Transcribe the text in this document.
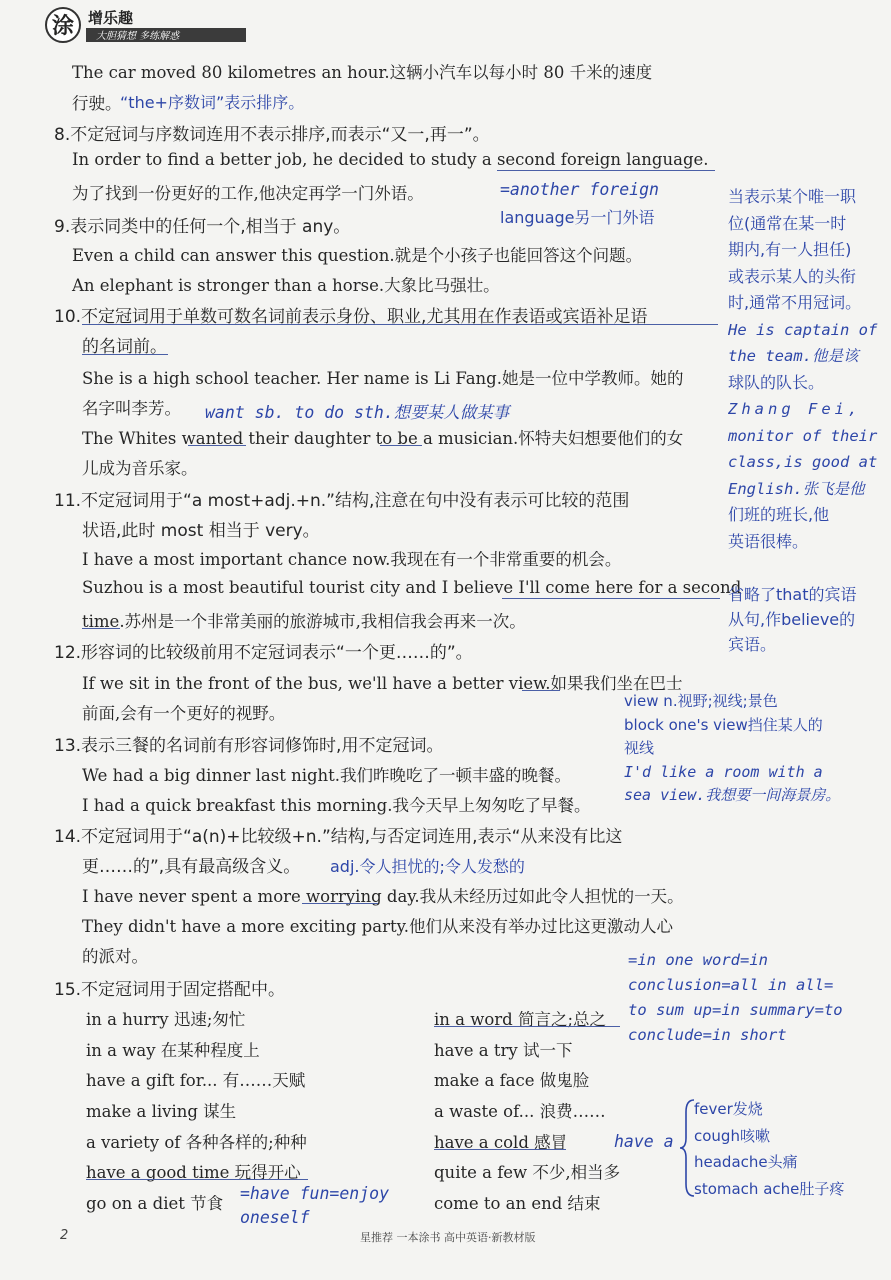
涂 增乐趣
大胆猜想 多练解惑
The car moved 80 kilometres an hour.这辆小汽车以每小时 80 千米的速度
行驶。
“the+序数词”表示排序。
8.不定冠词与序数词连用不表示排序,而表示“又一,再一”。
In order to find a better job, he decided to study a second foreign language.
为了找到一份更好的工作,他决定再学一门外语。	=another foreign
language另一门外语
9.表示同类中的任何一个,相当于 any。
Even a child can answer this question.就是个小孩子也能回答这个问题。
An elephant is stronger than a horse.大象比马强壮。
10.不定冠词用于单数可数名词前表示身份、职业,尤其用在作表语或宾语补足语
的名词前。
She is a high school teacher. Her name is Li Fang.她是一位中学教师。她的
名字叫李芳。 want sb. to do sth.想要某人做某事
The Whites wanted their daughter to be a musician.怀特夫妇想要他们的女
儿成为音乐家。
11.不定冠词用于“a most+adj.+n.”结构,注意在句中没有表示可比较的范围
状语,此时 most 相当于 very。
I have a most important chance now.我现在有一个非常重要的机会。
Suzhou is a most beautiful tourist city and I believe I'll come here for a second
time.苏州是一个非常美丽的旅游城市,我相信我会再来一次。
12.形容词的比较级前用不定冠词表示“一个更……的”。
If we sit in the front of the bus, we'll have a better view.如果我们坐在巴士
前面,会有一个更好的视野。
13.表示三餐的名词前有形容词修饰时,用不定冠词。
We had a big dinner last night.我们昨晚吃了一顿丰盛的晚餐。
I had a quick breakfast this morning.我今天早上匆匆吃了早餐。
14.不定冠词用于“a(n)+比较级+n.”结构,与否定词连用,表示“从来没有比这
更……的”,具有最高级含义。 adj.令人担忧的;令人发愁的
I have never spent a more worrying day.我从未经历过如此令人担忧的一天。
They didn't have a more exciting party.他们从来没有举办过比这更激动人心
的派对。
15.不定冠词用于固定搭配中。
in a hurry 迅速;匆忙
in a way 在某种程度上
have a gift for... 有……天赋
make a living 谋生
a variety of 各种各样的;种种
have a good time 玩得开心
go on a diet 节食
=have fun=enjoy
oneself
in a word 简言之;总之
have a try 试一下
make a face 做鬼脸
a waste of... 浪费……
have a cold 感冒
quite a few 不少,相当多
come to an end 结束
当表示某个唯一职
位(通常在某一时
期内,有一人担任)
或表示某人的头衔
时,通常不用冠词。
He is captain of
the team.他是该
球队的队长。
Zhang Fei,
monitor of their
class,is good at
English.张飞是他
们班的班长,他
英语很棒。
省略了that的宾语
从句,作believe的
宾语。
view n.视野;视线;景色
block one's view挡住某人的
视线
I'd like a room with a
sea view.我想要一间海景房。
=in one word=in
conclusion=all in all=
to sum up=in summary=to
conclude=in short
have a
fever发烧
cough咳嗽
headache头痛
stomach ache肚子疼
2	星推荐 一本涂书 高中英语·新教材版
